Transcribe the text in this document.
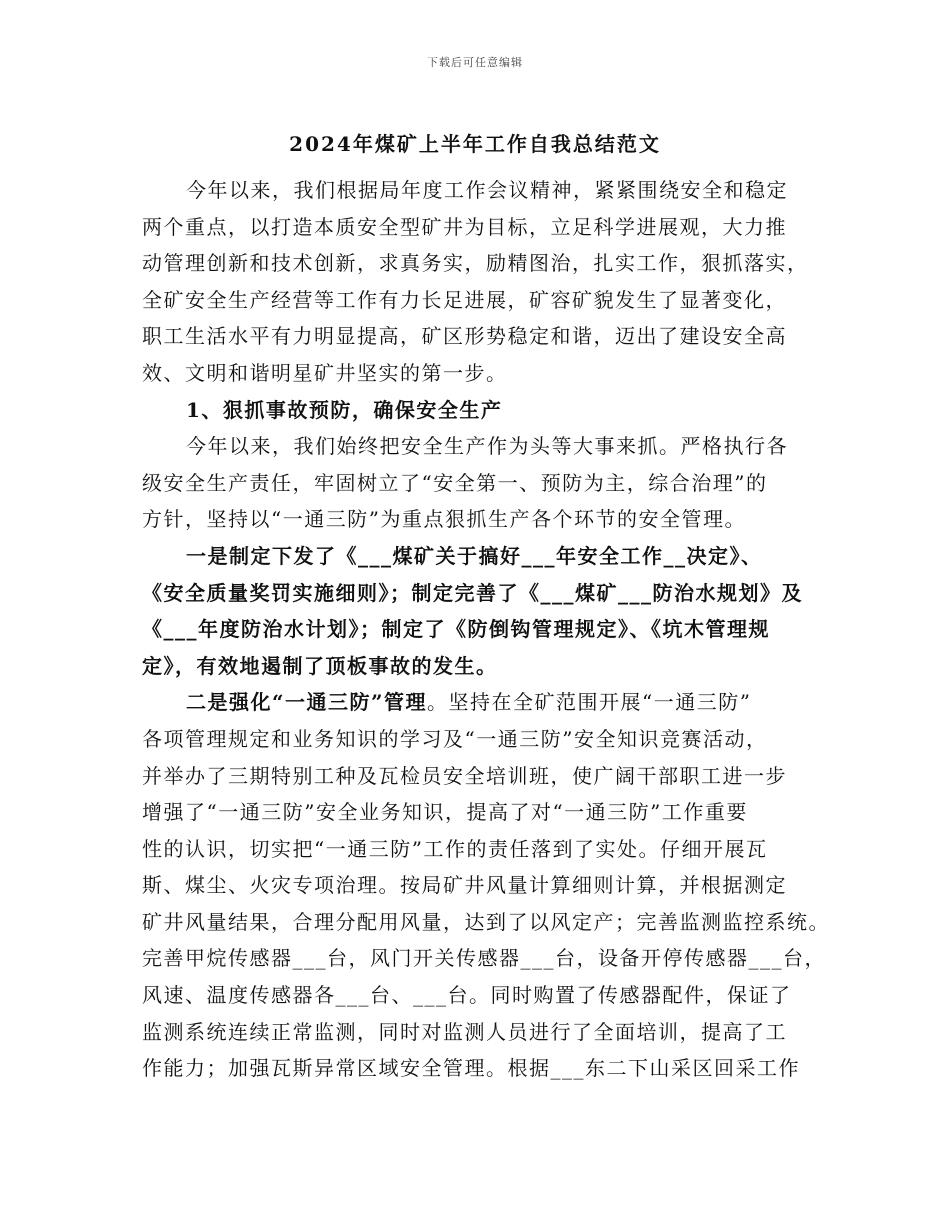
下载后可任意编辑
2024年煤矿上半年工作自我总结范文
今年以来，我们根据局年度工作会议精神，紧紧围绕安全和稳定
两个重点，以打造本质安全型矿井为目标，立足科学进展观，大力推
动管理创新和技术创新，求真务实，励精图治，扎实工作，狠抓落实，
全矿安全生产经营等工作有力长足进展，矿容矿貌发生了显著变化，
职工生活水平有力明显提高，矿区形势稳定和谐，迈出了建设安全高
效、文明和谐明星矿井坚实的第一步。
1、狠抓事故预防，确保安全生产
今年以来，我们始终把安全生产作为头等大事来抓。严格执行各
级安全生产责任，牢固树立了“安全第一、预防为主，综合治理”的
方针，坚持以“一通三防”为重点狠抓生产各个环节的安全管理。
一是制定下发了《___煤矿关于搞好___年安全工作__决定》、
《安全质量奖罚实施细则》；制定完善了《___煤矿___防治水规划》及
《___年度防治水计划》；制定了《防倒钩管理规定》、《坑木管理规
定》，有效地遏制了顶板事故的发生。
二是强化“一通三防”管理。坚持在全矿范围开展“一通三防”
各项管理规定和业务知识的学习及“一通三防”安全知识竞赛活动，
并举办了三期特别工种及瓦检员安全培训班，使广阔干部职工进一步
增强了“一通三防”安全业务知识，提高了对“一通三防”工作重要
性的认识，切实把“一通三防”工作的责任落到了实处。仔细开展瓦
斯、煤尘、火灾专项治理。按局矿井风量计算细则计算，并根据测定
矿井风量结果，合理分配用风量，达到了以风定产；完善监测监控系统。
完善甲烷传感器___台，风门开关传感器___台，设备开停传感器___台，
风速、温度传感器各___台、___台。同时购置了传感器配件，保证了
监测系统连续正常监测，同时对监测人员进行了全面培训，提高了工
作能力；加强瓦斯异常区域安全管理。根据___东二下山采区回采工作
